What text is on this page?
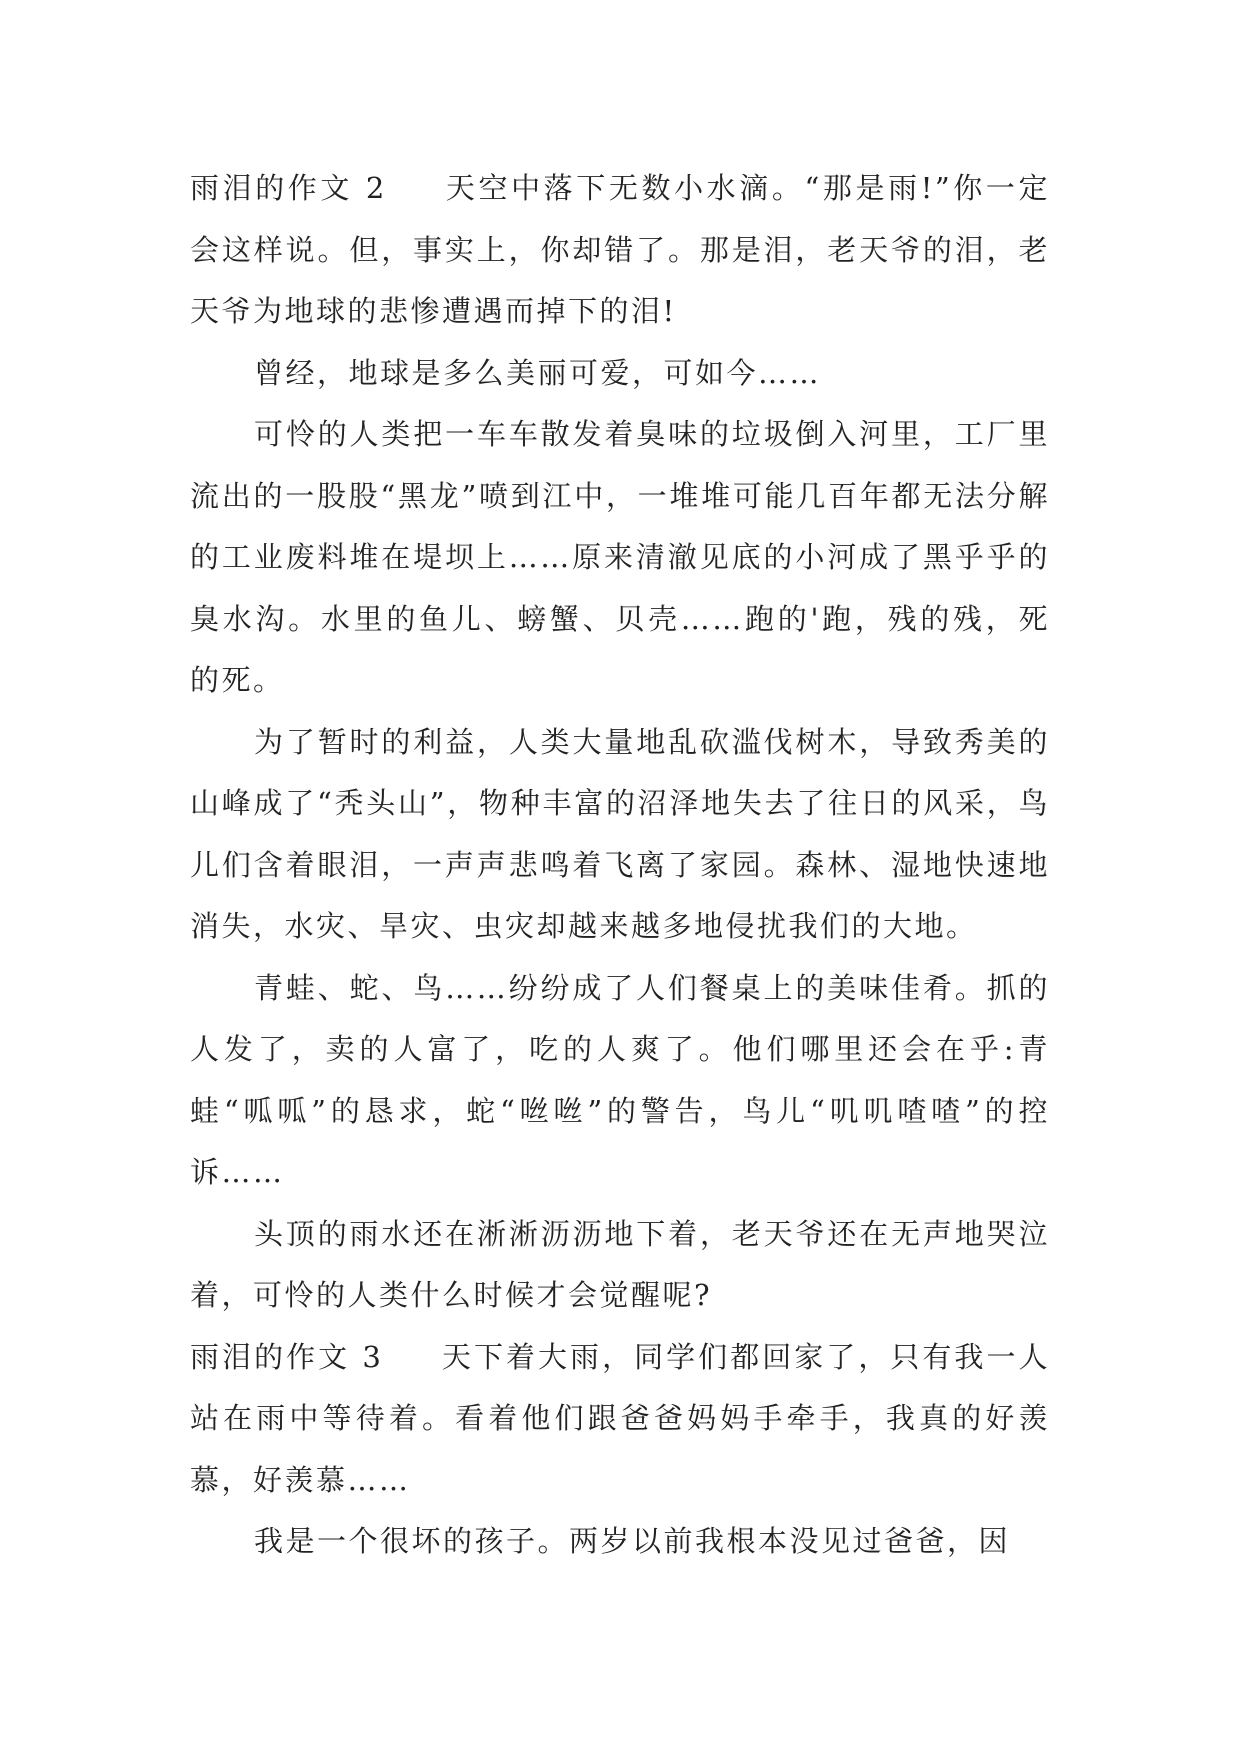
雨泪的作文 2 天空中落下无数小水滴。“那是雨!”你一定会这样说。但，事实上，你却错了。那是泪，老天爷的泪，老天爷为地球的悲惨遭遇而掉下的泪!

曾经，地球是多么美丽可爱，可如今……

可怜的人类把一车车散发着臭味的垃圾倒入河里，工厂里流出的一股股“黑龙”喷到江中，一堆堆可能几百年都无法分解的工业废料堆在堤坝上……原来清澈见底的小河成了黑乎乎的臭水沟。水里的鱼儿、螃蟹、贝壳……跑的'跑，残的残，死的死。

为了暂时的利益，人类大量地乱砍滥伐树木，导致秀美的山峰成了“秃头山”，物种丰富的沼泽地失去了往日的风采，鸟儿们含着眼泪，一声声悲鸣着飞离了家园。森林、湿地快速地消失，水灾、旱灾、虫灾却越来越多地侵扰我们的大地。

青蛙、蛇、鸟……纷纷成了人们餐桌上的美味佳肴。抓的人发了，卖的人富了，吃的人爽了。他们哪里还会在乎:青蛙“呱呱”的恳求，蛇“咝咝”的警告，鸟儿“叽叽喳喳”的控诉……

头顶的雨水还在淅淅沥沥地下着，老天爷还在无声地哭泣着，可怜的人类什么时候才会觉醒呢?

雨泪的作文 3 天下着大雨，同学们都回家了，只有我一人站在雨中等待着。看着他们跟爸爸妈妈手牵手，我真的好羡慕，好羡慕……

我是一个很坏的孩子。两岁以前我根本没见过爸爸，因
